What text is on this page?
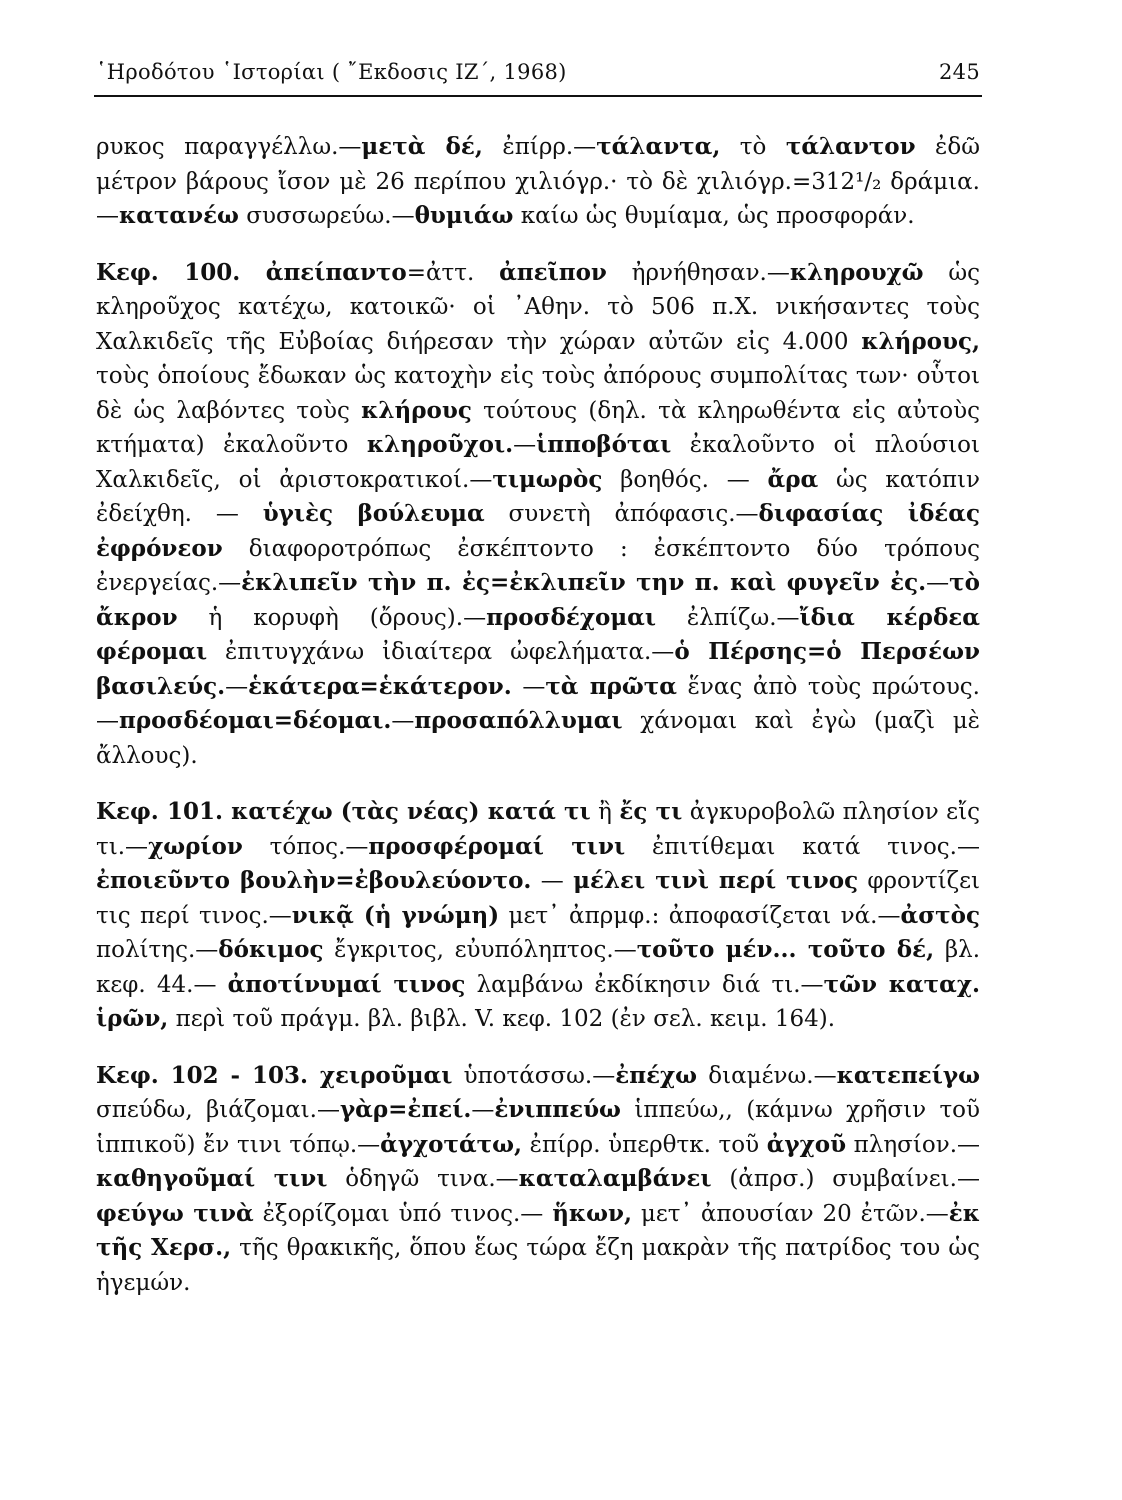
῾Ηροδότου ῾Ιστορίαι ( ῎Εκδοσις ΙΖ΄, 1968)	245

ρυκος παραγγέλλω.—μετὰ δέ, ἐπίρρ.—τάλαντα, τὸ τάλαντον ἐδῶ μέτρον βάρους ἴσον μὲ 26 περίπου χιλιόγρ.· τὸ δὲ χιλιόγρ.=312¹/₂ δράμια.—κατανέω συσσωρεύω.—θυμιάω καίω ὡς θυμίαμα, ὡς προσφοράν.

Κεφ. 100. ἀπείπαντο=ἀττ. ἀπεῖπον ἠρνήθησαν.—κληρουχῶ ὡς κληροῦχος κατέχω, κατοικῶ· οἱ ᾿Αθην. τὸ 506 π.Χ. νικήσαντες τοὺς Χαλκιδεῖς τῆς Εὐβοίας διήρεσαν τὴν χώραν αὐτῶν εἰς 4.000 κλήρους, τοὺς ὁποίους ἔδωκαν ὡς κατοχὴν εἰς τοὺς ἀπόρους συμπολίτας των· οὗτοι δὲ ὡς λαβόντες τοὺς κλήρους τούτους (δηλ. τὰ κληρωθέντα εἰς αὐτοὺς κτήματα) ἐκαλοῦντο κληροῦχοι.—ἱπποβόται ἐκαλοῦντο οἱ πλούσιοι Χαλκιδεῖς, οἱ ἀριστοκρατικοί.—τιμωρὸς βοηθός. — ἄρα ὡς κατόπιν ἐδείχθη. — ὑγιὲς βούλευμα συνετὴ ἀπόφασις.—διφασίας ἰδέας ἐφρόνεον διαφοροτρόπως ἐσκέπτοντο : ἐσκέπτοντο δύο τρόπους ἐνεργείας.—ἐκλιπεῖν τὴν π. ἐς=ἐκλιπεῖν την π. καὶ φυγεῖν ἐς.—τὸ ἄκρον ἡ κορυφὴ (ὄρους).—προσδέχομαι ἐλπίζω.—ἴδια κέρδεα φέρομαι ἐπιτυγχάνω ἰδιαίτερα ὠφελήματα.—ὁ Πέρσης=ὁ Περσέων βασιλεύς.—ἑκάτερα=ἑκάτερον. —τὰ πρῶτα ἕνας ἀπὸ τοὺς πρώτους.—προσδέομαι=δέομαι.—προσαπόλλυμαι χάνομαι καὶ ἐγὼ (μαζὶ μὲ ἄλλους).

Κεφ. 101. κατέχω (τὰς νέας) κατά τι ἢ ἔς τι ἀγκυροβολῶ πλησίον εἴς τι.—χωρίον τόπος.—προσφέρομαί τινι ἐπιτίθεμαι κατά τινος.—ἐποιεῦντο βουλὴν=ἐβουλεύοντο. — μέλει τινὶ περί τινος φροντίζει τις περί τινος.—νικᾷ (ἡ γνώμη) μετ᾿ ἀπρμφ.: ἀποφασίζεται νά.—ἀστὸς πολίτης.—δόκιμος ἔγκριτος, εὐυπόληπτος.—τοῦτο μέν... τοῦτο δέ, βλ. κεφ. 44.— ἀποτίνυμαί τινος λαμβάνω ἐκδίκησιν διά τι.—τῶν καταχ. ἱρῶν, περὶ τοῦ πράγμ. βλ. βιβλ. V. κεφ. 102 (ἐν σελ. κειμ. 164).

Κεφ. 102 - 103. χειροῦμαι ὑποτάσσω.—ἐπέχω διαμένω.—κατεπείγω σπεύδω, βιάζομαι.—γὰρ=ἐπεί.—ἐνιππεύω ἱππεύω,, (κάμνω χρῆσιν τοῦ ἱππικοῦ) ἔν τινι τόπῳ.—ἀγχοτάτω, ἐπίρρ. ὑπερθτκ. τοῦ ἀγχοῦ πλησίον.—καθηγοῦμαί τινι ὁδηγῶ τινα.—καταλαμβάνει (ἀπρσ.) συμβαίνει.—φεύγω τινὰ ἐξορίζομαι ὑπό τινος.— ἥκων, μετ᾿ ἀπουσίαν 20 ἐτῶν.—ἐκ τῆς Χερσ., τῆς θρακικῆς, ὅπου ἕως τώρα ἔζη μακρὰν τῆς πατρίδος του ὡς ἡγεμών.
